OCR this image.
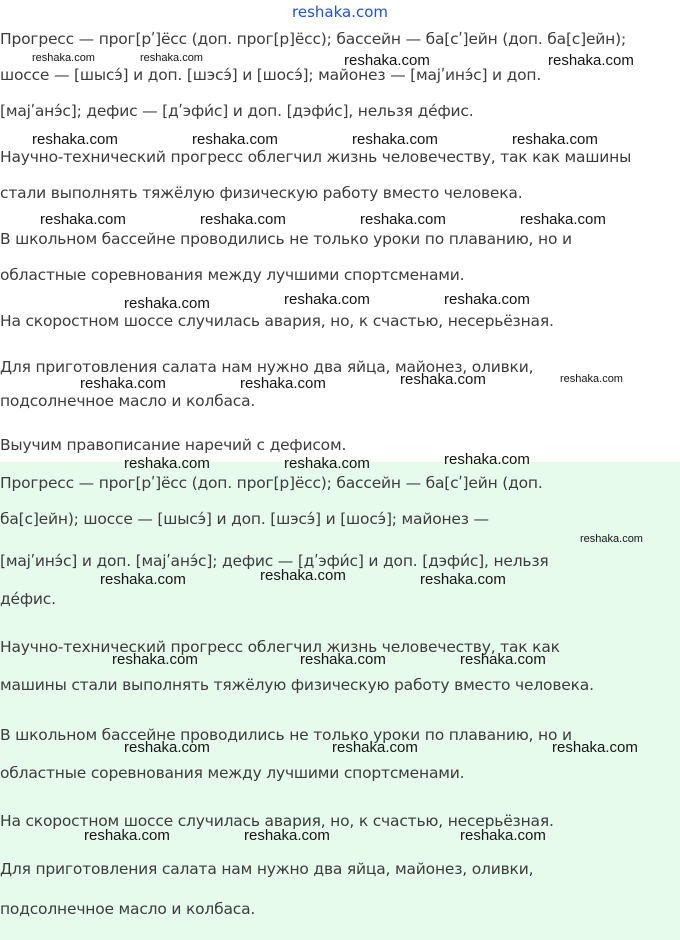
reshaka.com
Прогресс — прог[рʹ]ёсс (доп. прог[р]ёсс); бассейн — ба[сʹ]ейн (доп. ба[с]ейн);
шоссе — [шысэ́] и доп. [шэсэ́] и [шосэ́]; майонез — [маjʹинэ́с] и доп.
[маjʹанэ́с]; дефис — [дʹэфи́с] и доп. [дэфи́с], нельзя де́фис.
Научно-технический прогресс облегчил жизнь человечеству, так как машины
стали выполнять тяжёлую физическую работу вместо человека.
В школьном бассейне проводились не только уроки по плаванию, но и
областные соревнования между лучшими спортсменами.
На скоростном шоссе случилась авария, но, к счастью, несерьёзная.
Для приготовления салата нам нужно два яйца, майонез, оливки,
подсолнечное масло и колбаса.
Выучим правописание наречий с дефисом.
Прогресс — прог[рʹ]ёсс (доп. прог[р]ёсс); бассейн — ба[сʹ]ейн (доп.
ба[с]ейн); шоссе — [шысэ́] и доп. [шэсэ́] и [шосэ́]; майонез —
[маjʹинэ́с] и доп. [маjʹанэ́с]; дефис — [дʹэфи́с] и доп. [дэфи́с], нельзя
де́фис.
Научно-технический прогресс облегчил жизнь человечеству, так как
машины стали выполнять тяжёлую физическую работу вместо человека.
В школьном бассейне проводились не только уроки по плаванию, но и
областные соревнования между лучшими спортсменами.
На скоростном шоссе случилась авария, но, к счастью, несерьёзная.
Для приготовления салата нам нужно два яйца, майонез, оливки,
подсолнечное масло и колбаса.
reshaka.com	reshaka.com	reshaka.com	reshaka.com
reshaka.com	reshaka.com	reshaka.com	reshaka.com
reshaka.com	reshaka.com	reshaka.com	reshaka.com
reshaka.com	reshaka.com	reshaka.com
reshaka.com	reshaka.com	reshaka.com	reshaka.com
reshaka.com	reshaka.com	reshaka.com
reshaka.com
reshaka.com	reshaka.com	reshaka.com
reshaka.com	reshaka.com	reshaka.com
reshaka.com	reshaka.com	reshaka.com
reshaka.com	reshaka.com	reshaka.com
